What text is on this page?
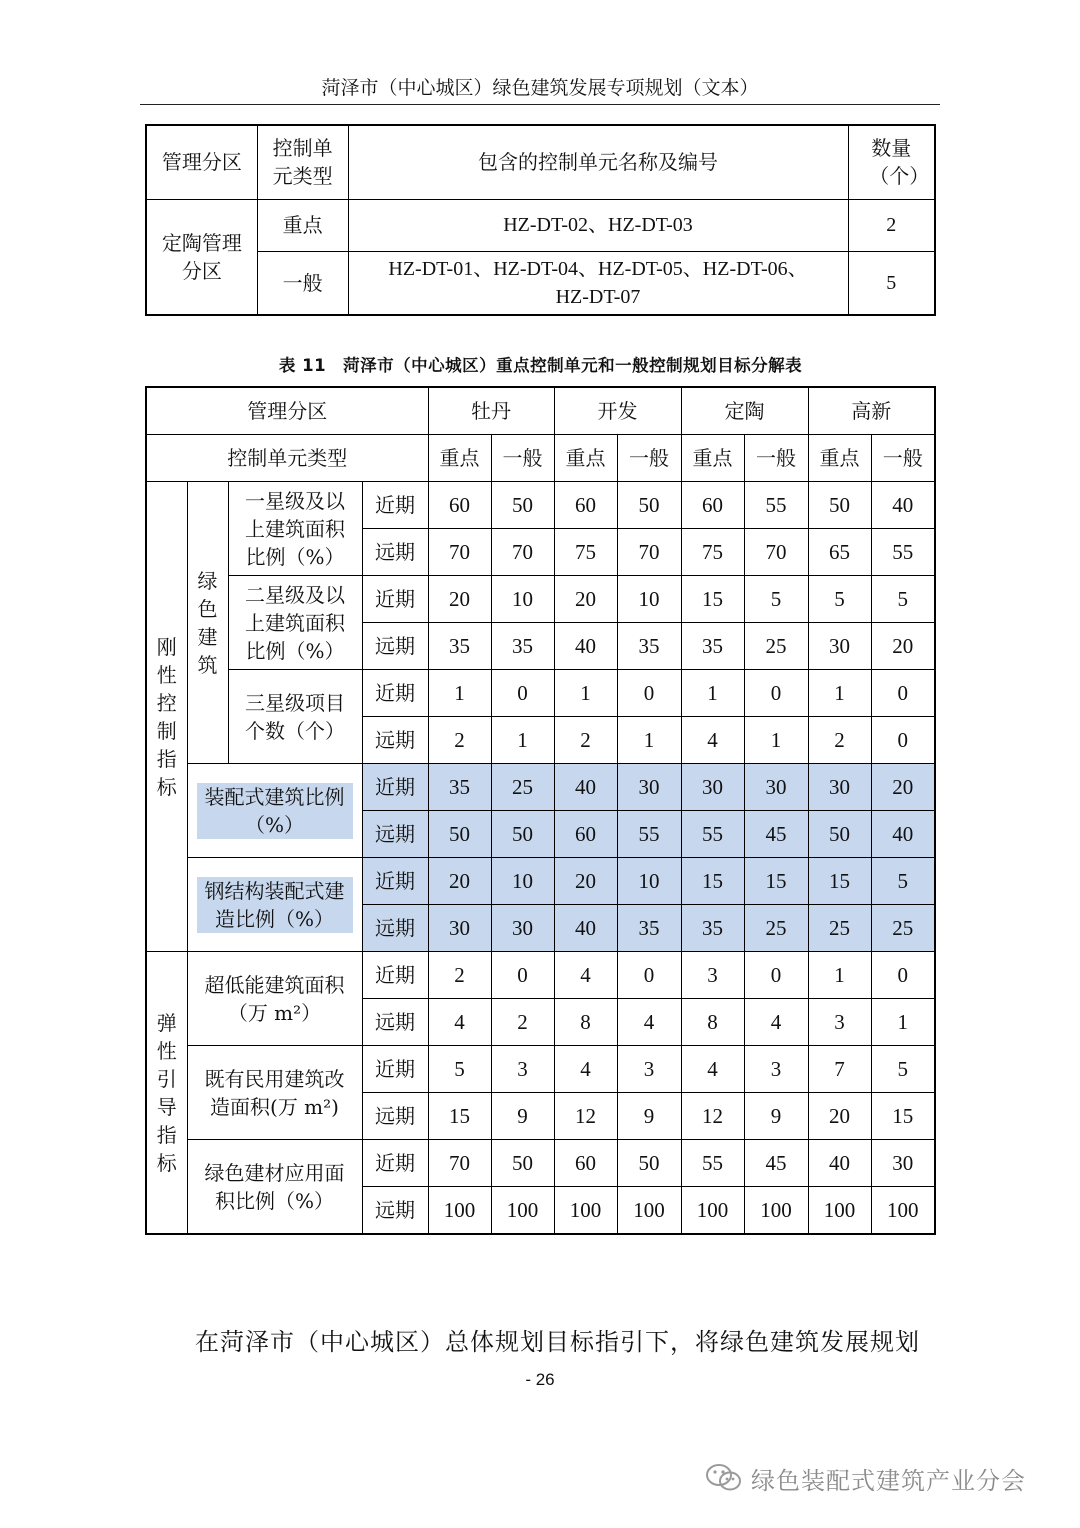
菏泽市（中心城区）绿色建筑发展专项规划（文本）
管理分区	控制单元类型	包含的控制单元名称及编号	数量（个）

定陶管理分区	重点	HZ-DT-02、HZ-DT-03	2
	一般	HZ-DT-01、HZ-DT-04、HZ-DT-05、HZ-DT-06、
HZ-DT-07	5
表 11　菏泽市（中心城区）重点控制单元和一般控制规划目标分解表
管理分区				牡丹		开发		定陶		高新	
控制单元类型				重点	一般	重点	一般	重点	一般	重点	一般

刚性控制指标	绿色建筑	一星级及以上建筑面积比例（%）	近期	60	50	60	50	60	55	50	40
			远期	70	70	75	70	75	70	65	55

		二星级及以上建筑面积比例（%）	近期	20	10	20	10	15	5	5	5
			远期	35	35	40	35	35	25	30	20

		三星级项目个数（个）	近期	1	0	1	0	1	0	1	0
			远期	2	1	2	1	4	1	2	0

	装配式建筑比例（%）		近期	35	25	40	30	30	30	30	20
			远期	50	50	60	55	55	45	50	40

	钢结构装配式建造比例（%）		近期	20	10	20	10	15	15	15	5
			远期	30	30	40	35	35	25	25	25

弹性引导指标	超低能建筑面积（万 m²）		近期	2	0	4	0	3	0	1	0
			远期	4	2	8	4	8	4	3	1

	既有民用建筑改造面积(万 m²)		近期	5	3	4	3	4	3	7	5
			远期	15	9	12	9	12	9	20	15

	绿色建材应用面积比例（%）		近期	70	50	60	50	55	45	40	30
			远期	100	100	100	100	100	100	100	100
在菏泽市（中心城区）总体规划目标指引下，将绿色建筑发展规划
- 26
绿色装配式建筑产业分会
